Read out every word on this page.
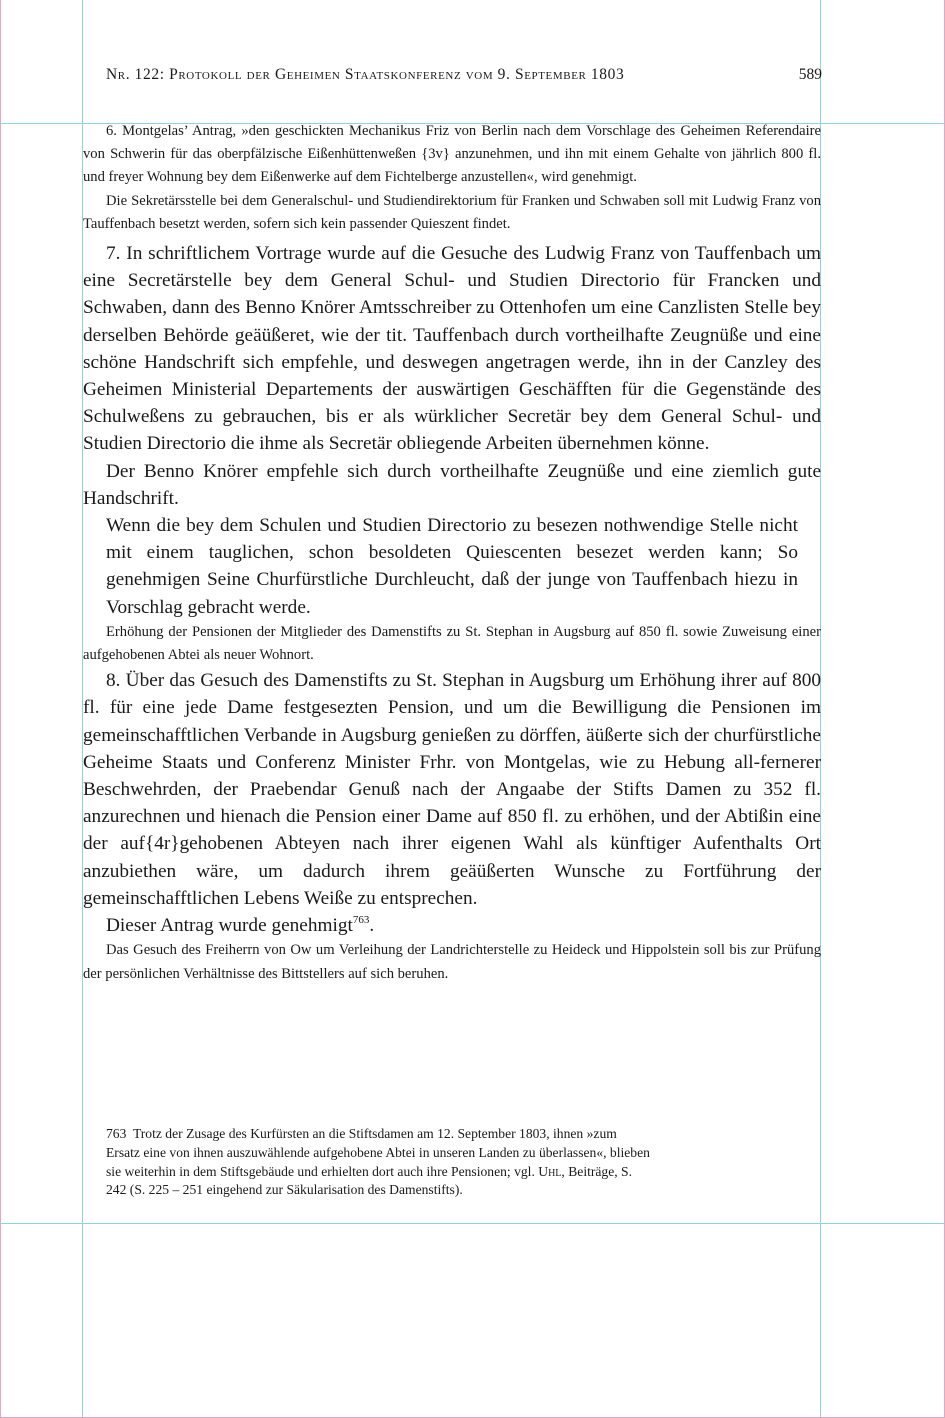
Nr. 122: Protokoll der Geheimen Staatskonferenz vom 9. September 1803	589

6. Montgelas’ Antrag, »den geschickten Mechanikus Friz von Berlin nach dem Vorschlage des Geheimen Referendaire von Schwerin für das oberpfälzische Eißenhüttenweßen {3v} anzunehmen, und ihn mit einem Gehalte von jährlich 800 fl. und freyer Wohnung bey dem Eißenwerke auf dem Fichtelberge anzustellen«, wird genehmigt.

Die Sekretärsstelle bei dem Generalschul- und Studiendirektorium für Franken und Schwaben soll mit Ludwig Franz von Tauffenbach besetzt werden, sofern sich kein passender Quieszent findet.

7. In schriftlichem Vortrage wurde auf die Gesuche des Ludwig Franz von Tauffenbach um eine Secretärstelle bey dem General Schul- und Studien Directorio für Francken und Schwaben, dann des Benno Knörer Amtsschreiber zu Ottenhofen um eine Canzlisten Stelle bey derselben Behörde geäüßeret, wie der tit. Tauffenbach durch vortheilhafte Zeugnüße und eine schöne Handschrift sich empfehle, und deswegen angetragen werde, ihn in der Canzley des Geheimen Ministerial Departements der auswärtigen Geschäfften für die Gegenstände des Schulweßens zu gebrauchen, bis er als würklicher Secretär bey dem General Schul- und Studien Directorio die ihme als Secretär obliegende Arbeiten übernehmen könne.

Der Benno Knörer empfehle sich durch vortheilhafte Zeugnüße und eine ziemlich gute Handschrift.

Wenn die bey dem Schulen und Studien Directorio zu besezen nothwendige Stelle nicht mit einem tauglichen, schon besoldeten Quiescenten besezet werden kann; So genehmigen Seine Churfürstliche Durchleucht, daß der junge von Tauffenbach hiezu in Vorschlag gebracht werde.

Erhöhung der Pensionen der Mitglieder des Damenstifts zu St. Stephan in Augsburg auf 850 fl. sowie Zuweisung einer aufgehobenen Abtei als neuer Wohnort.

8. Über das Gesuch des Damenstifts zu St. Stephan in Augsburg um Erhöhung ihrer auf 800 fl. für eine jede Dame festgesezten Pension, und um die Bewilligung die Pensionen im gemeinschafftlichen Verbande in Augsburg genießen zu dörffen, äüßerte sich der churfürstliche Geheime Staats und Conferenz Minister Frhr. von Montgelas, wie zu Hebung all-fernerer Beschwehrden, der Praebendar Genuß nach der Angaabe der Stifts Damen zu 352 fl. anzurechnen und hienach die Pension einer Dame auf 850 fl. zu erhöhen, und der Abtißin eine der auf{4r}gehobenen Abteyen nach ihrer eigenen Wahl als künftiger Aufenthalts Ort anzubiethen wäre, um dadurch ihrem geäüßerten Wunsche zu Fortführung der gemeinschafftlichen Lebens Weiße zu entsprechen.

Dieser Antrag wurde genehmigt$^{763}$.

Das Gesuch des Freiherrn von Ow um Verleihung der Landrichterstelle zu Heideck und Hippolstein soll bis zur Prüfung der persönlichen Verhältnisse des Bittstellers auf sich beruhen.

763 Trotz der Zusage des Kurfürsten an die Stiftsdamen am 12. September 1803, ihnen »zum Ersatz eine von ihnen auszuwählende aufgehobene Abtei in unseren Landen zu überlassen«, blieben sie weiterhin in dem Stiftsgebäude und erhielten dort auch ihre Pensionen; vgl. Uhl, Beiträge, S. 242 (S. 225 – 251 eingehend zur Säkularisation des Damenstifts).
